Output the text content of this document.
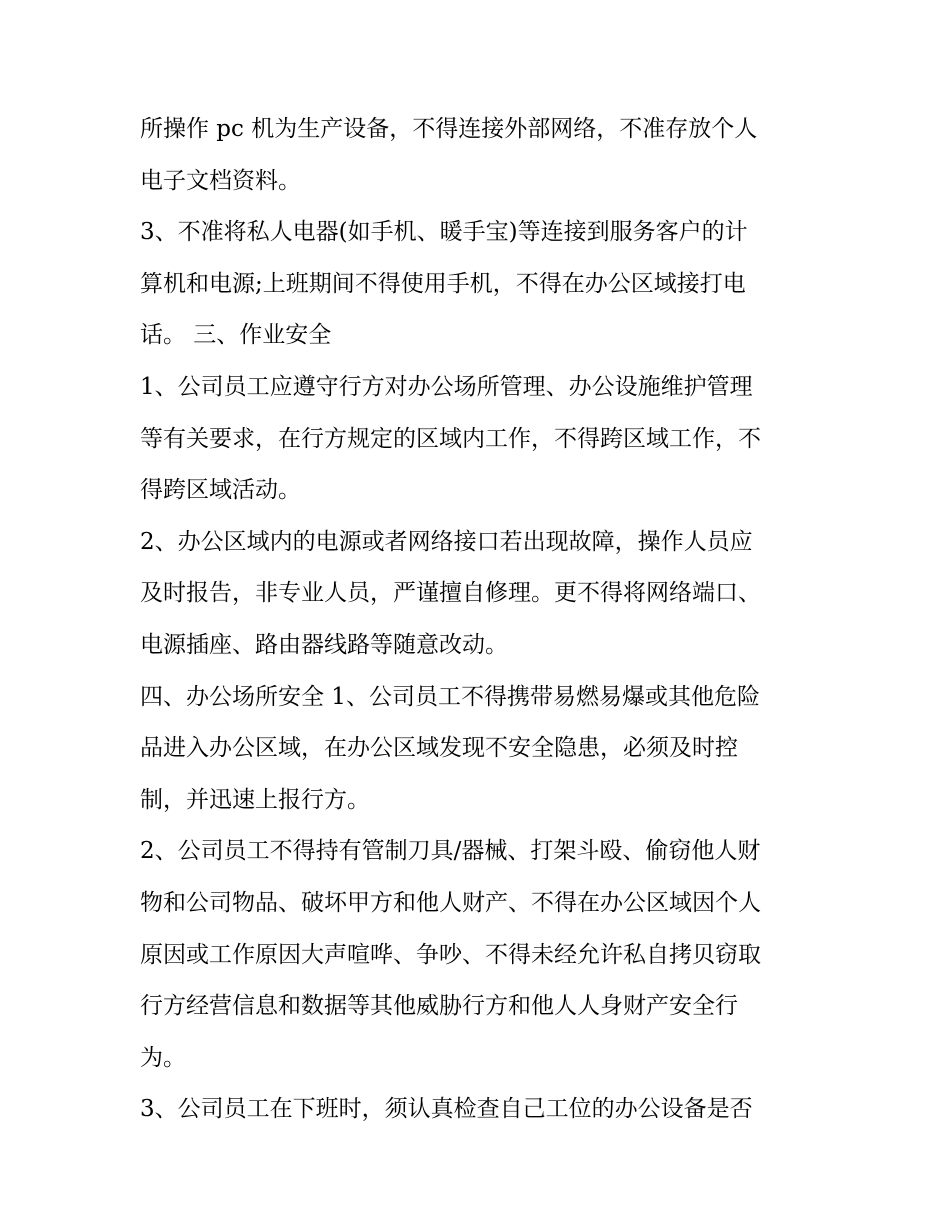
所操作 pc 机为生产设备，不得连接外部网络，不准存放个人
电子文档资料。

3、不准将私人电器(如手机、暖手宝)等连接到服务客户的计
算机和电源;上班期间不得使用手机，不得在办公区域接打电
话。 三、作业安全

1、公司员工应遵守行方对办公场所管理、办公设施维护管理
等有关要求，在行方规定的区域内工作，不得跨区域工作，不
得跨区域活动。

2、办公区域内的电源或者网络接口若出现故障，操作人员应
及时报告，非专业人员，严谨擅自修理。更不得将网络端口、
电源插座、路由器线路等随意改动。

四、办公场所安全 1、公司员工不得携带易燃易爆或其他危险
品进入办公区域，在办公区域发现不安全隐患，必须及时控
制，并迅速上报行方。

2、公司员工不得持有管制刀具/器械、打架斗殴、偷窃他人财
物和公司物品、破坏甲方和他人财产、不得在办公区域因个人
原因或工作原因大声喧哗、争吵、不得未经允许私自拷贝窃取
行方经营信息和数据等其他威胁行方和他人人身财产安全行
为。

3、公司员工在下班时，须认真检查自己工位的办公设备是否
